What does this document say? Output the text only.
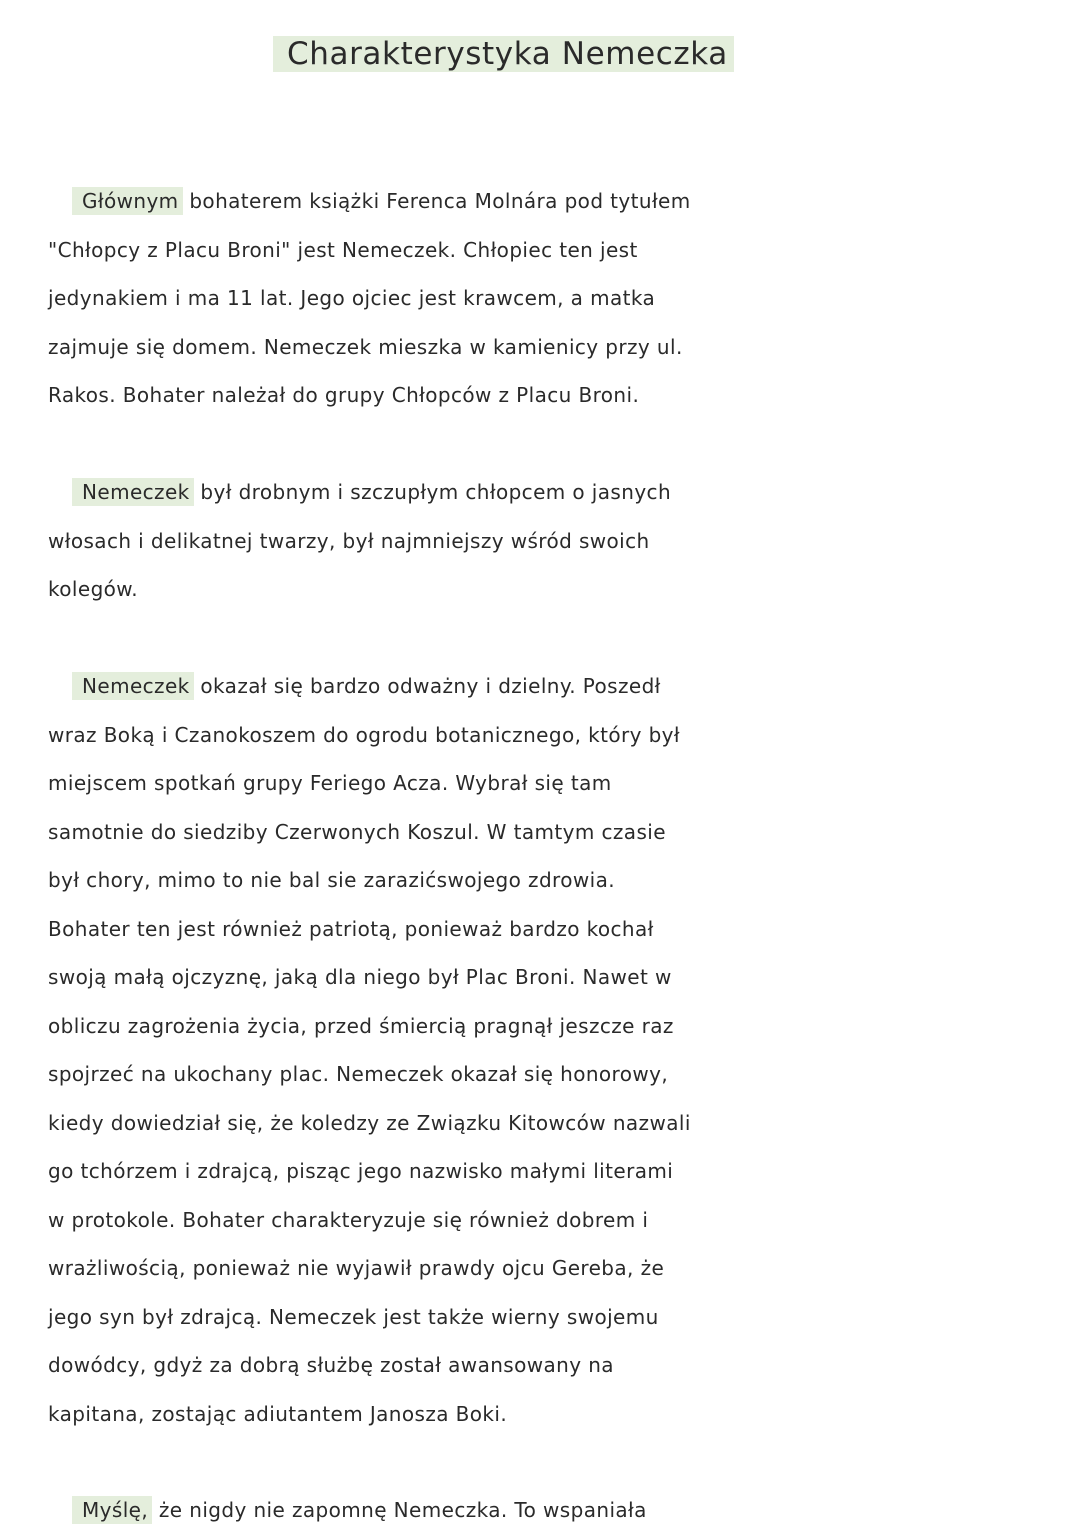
Charakterystyka Nemeczka
Głównym bohaterem książki Ferenca Molnára pod tytułem
"Chłopcy z Placu Broni" jest Nemeczek. Chłopiec ten jest
jedynakiem i ma 11 lat. Jego ojciec jest krawcem, a matka
zajmuje się domem. Nemeczek mieszka w kamienicy przy ul.
Rakos. Bohater należał do grupy Chłopców z Placu Broni.
Nemeczek był drobnym i szczupłym chłopcem o jasnych
włosach i delikatnej twarzy, był najmniejszy wśród swoich
kolegów.
Nemeczek okazał się bardzo odważny i dzielny. Poszedł
wraz Boką i Czanokoszem do ogrodu botanicznego, który był
miejscem spotkań grupy Feriego Acza. Wybrał się tam
samotnie do siedziby Czerwonych Koszul. W tamtym czasie
był chory, mimo to nie bal sie zarazićswojego zdrowia.
Bohater ten jest również patriotą, ponieważ bardzo kochał
swoją małą ojczyznę, jaką dla niego był Plac Broni. Nawet w
obliczu zagrożenia życia, przed śmiercią pragnął jeszcze raz
spojrzeć na ukochany plac. Nemeczek okazał się honorowy,
kiedy dowiedział się, że koledzy ze Związku Kitowców nazwali
go tchórzem i zdrajcą, pisząc jego nazwisko małymi literami
w protokole. Bohater charakteryzuje się również dobrem i
wrażliwością, ponieważ nie wyjawił prawdy ojcu Gereba, że
jego syn był zdrajcą. Nemeczek jest także wierny swojemu
dowódcy, gdyż za dobrą służbę został awansowany na
kapitana, zostając adiutantem Janosza Boki.
Myślę, że nigdy nie zapomnę Nemeczka. To wspaniała
